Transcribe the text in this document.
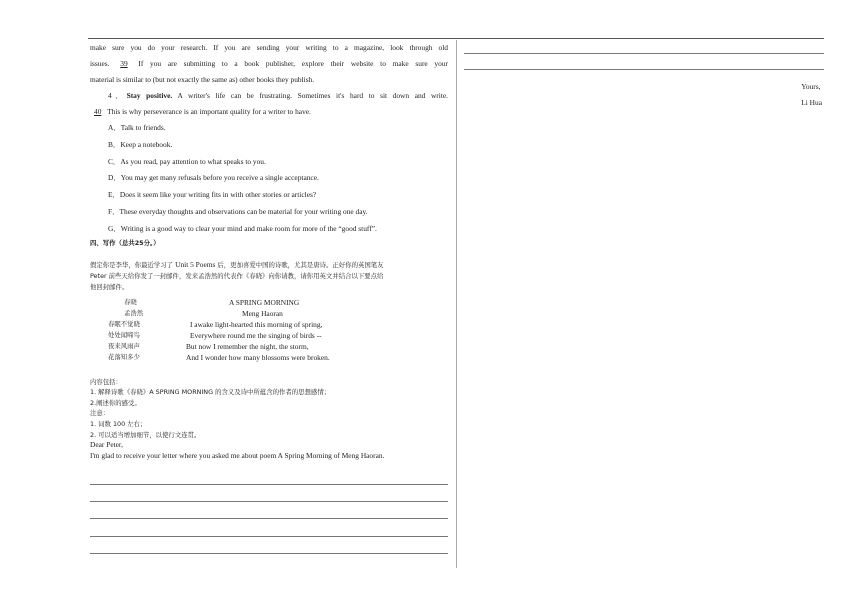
make sure you do your research. If you are sending your writing to a magazine, look through old

issues. 39 If you are submitting to a book publisher, explore their website to make sure your

material is similar to (but not exactly the same as) other books they publish.

4．Stay positive. A writer's life can be frustrating. Sometimes it's hard to sit down and write.

40 This is why perseverance is an important quality for a writer to have.

A．Talk to friends.

B．Keep a notebook.

C．As you read, pay attention to what speaks to you.

D．You may get many refusals before you receive a single acceptance.

E．Does it seem like your writing fits in with other stories or articles?

F．These everyday thoughts and observations can be material for your writing one day.

G．Writing is a good way to clear your mind and make room for more of the “good stuff”.

四、写作（总共25分。）

假定你是李华，你最近学习了 Unit 5 Poems 后，更加喜爱中国的诗歌，尤其是唐诗。正好你的英国笔友

Peter 前些天给你发了一封邮件，发来孟浩然的代表作《春晓》向你请教，请你用英文并结合以下要点给

他回封邮件。

春晓
孟浩然
春眠不觉晓
处处闻啼鸟
夜来风雨声
花落知多少
A SPRING MORNING
Meng Haoran
I awake light-hearted this morning of spring,
Everywhere round me the singing of birds --
But now I remember the night, the storm,
And I wonder how many blossoms were broken.

内容包括：

1. 解释诗歌《春晓》A SPRING MORNING 的含义及诗中所蕴含的作者的思想感情；

2.阐述你的感受。

注意：

1. 词数 100 左右；

2. 可以适当增加细节，以使行文连贯。

Dear Peter,

I'm glad to receive your letter where you asked me about poem A Spring Morning of Meng Haoran.

Yours,
Li Hua
